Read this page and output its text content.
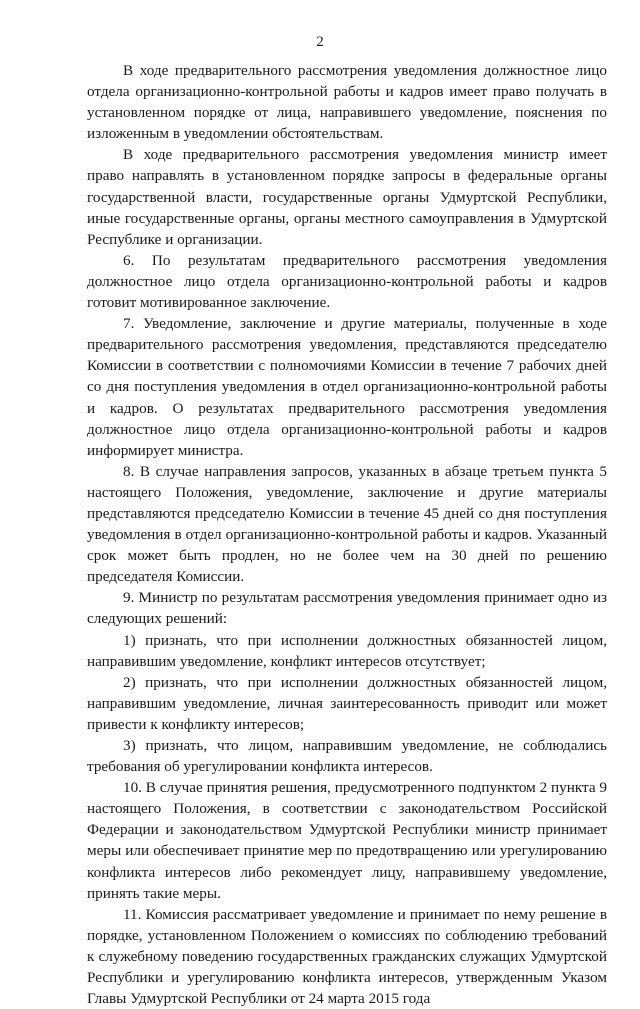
2

В ходе предварительного рассмотрения уведомления должностное лицо отдела организационно-контрольной работы и кадров имеет право получать в установленном порядке от лица, направившего уведомление, пояснения по изложенным в уведомлении обстоятельствам.

В ходе предварительного рассмотрения уведомления министр имеет право направлять в установленном порядке запросы в федеральные органы государственной власти, государственные органы Удмуртской Республики, иные государственные органы, органы местного самоуправления в Удмуртской Республике и организации.

6. По результатам предварительного рассмотрения уведомления должностное лицо отдела организационно-контрольной работы и кадров готовит мотивированное заключение.

7. Уведомление, заключение и другие материалы, полученные в ходе предварительного рассмотрения уведомления, представляются председателю Комиссии в соответствии с полномочиями Комиссии в течение 7 рабочих дней со дня поступления уведомления в отдел организационно-контрольной работы и кадров. О результатах предварительного рассмотрения уведомления должностное лицо отдела организационно-контрольной работы и кадров информирует министра.

8. В случае направления запросов, указанных в абзаце третьем пункта 5 настоящего Положения, уведомление, заключение и другие материалы представляются председателю Комиссии в течение 45 дней со дня поступления уведомления в отдел организационно-контрольной работы и кадров. Указанный срок может быть продлен, но не более чем на 30 дней по решению председателя Комиссии.

9. Министр по результатам рассмотрения уведомления принимает одно из следующих решений:

1) признать, что при исполнении должностных обязанностей лицом, направившим уведомление, конфликт интересов отсутствует;

2) признать, что при исполнении должностных обязанностей лицом, направившим уведомление, личная заинтересованность приводит или может привести к конфликту интересов;

3) признать, что лицом, направившим уведомление, не соблюдались требования об урегулировании конфликта интересов.

10. В случае принятия решения, предусмотренного подпунктом 2 пункта 9 настоящего Положения, в соответствии с законодательством Российской Федерации и законодательством Удмуртской Республики министр принимает меры или обеспечивает принятие мер по предотвращению или урегулированию конфликта интересов либо рекомендует лицу, направившему уведомление, принять такие меры.

11. Комиссия рассматривает уведомление и принимает по нему решение в порядке, установленном Положением о комиссиях по соблюдению требований к служебному поведению государственных гражданских служащих Удмуртской Республики и урегулированию конфликта интересов, утвержденным Указом Главы Удмуртской Республики от 24 марта 2015 года
